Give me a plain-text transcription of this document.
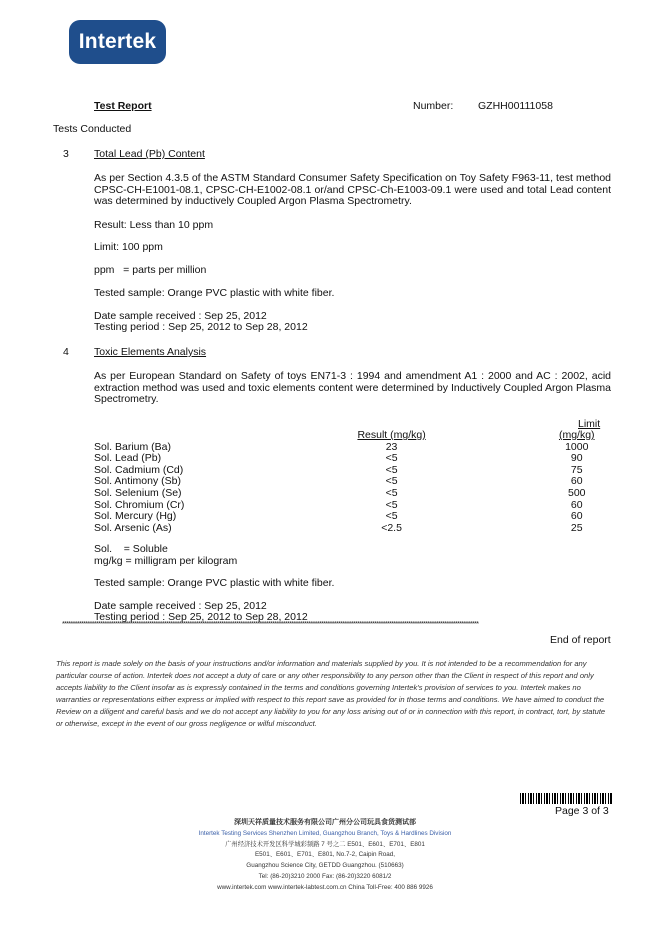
Intertek
Test Report	Number: GZHH00111058
Tests Conducted
3 Total Lead (Pb) Content
As per Section 4.3.5 of the ASTM Standard Consumer Safety Specification on Toy Safety F963-11, test method CPSC-CH-E1001-08.1, CPSC-CH-E1002-08.1 or/and CPSC-Ch-E1003-09.1 were used and total Lead content was determined by inductively Coupled Argon Plasma Spectrometry.
Result: Less than 10 ppm
Limit: 100 ppm
ppm   = parts per million
Tested sample: Orange PVC plastic with white fiber.
Date sample received : Sep 25, 2012
Testing period : Sep 25, 2012 to Sep 28, 2012
4 Toxic Elements Analysis
As per European Standard on Safety of toys EN71-3 : 1994 and amendment A1 : 2000 and AC : 2002, acid extraction method was used and toxic elements content were determined by Inductively Coupled Argon Plasma Spectrometry.
Limit
	Result (mg/kg)	(mg/kg)
Sol. Barium (Ba)	23	1000
Sol. Lead (Pb)	<5	90
Sol. Cadmium (Cd)	<5	75
Sol. Antimony (Sb)	<5	60
Sol. Selenium (Se)	<5	500
Sol. Chromium (Cr)	<5	60
Sol. Mercury (Hg)	<5	60
Sol. Arsenic (As)	<2.5	25
Sol.    = Soluble
mg/kg = milligram per kilogram
Tested sample: Orange PVC plastic with white fiber.
Date sample received : Sep 25, 2012
Testing period : Sep 25, 2012 to Sep 28, 2012
****************************************************************************************************************************************************************************************************
End of report
This report is made solely on the basis of your instructions and/or information and materials supplied by you. It is not intended to be a recommendation for any particular course of action. Intertek does not accept a duty of care or any other responsibility to any person other than the Client in respect of this report and only accepts liability to the Client insofar as is expressly contained in the terms and conditions governing Intertek's provision of services to you. Intertek makes no warranties or representations either express or implied with respect to this report save as provided for in those terms and conditions. We have aimed to conduct the Review on a diligent and careful basis and we do not accept any liability to you for any loss arising out of or in connection with this report, in contract, tort, by statute or otherwise, except in the event of our gross negligence or wilful misconduct.
Page 3 of 3
深圳天祥质量技术服务有限公司广州分公司玩具食货测试部
Intertek Testing Services Shenzhen Limited, Guangzhou Branch, Toys & Hardlines Division
广州经济技术开发区科学城彩频路 7 号之二 E501、E601、E701、E801
E501、E601、E701、E801, No.7-2, Caipin Road,
Guangzhou Science City, GETDD Guangzhou. (510663)
Tel: (86-20)3210 2000 Fax: (86-20)3220 6081/2
www.intertek.com www.intertek-labtest.com.cn China Toll-Free: 400 886 9926
